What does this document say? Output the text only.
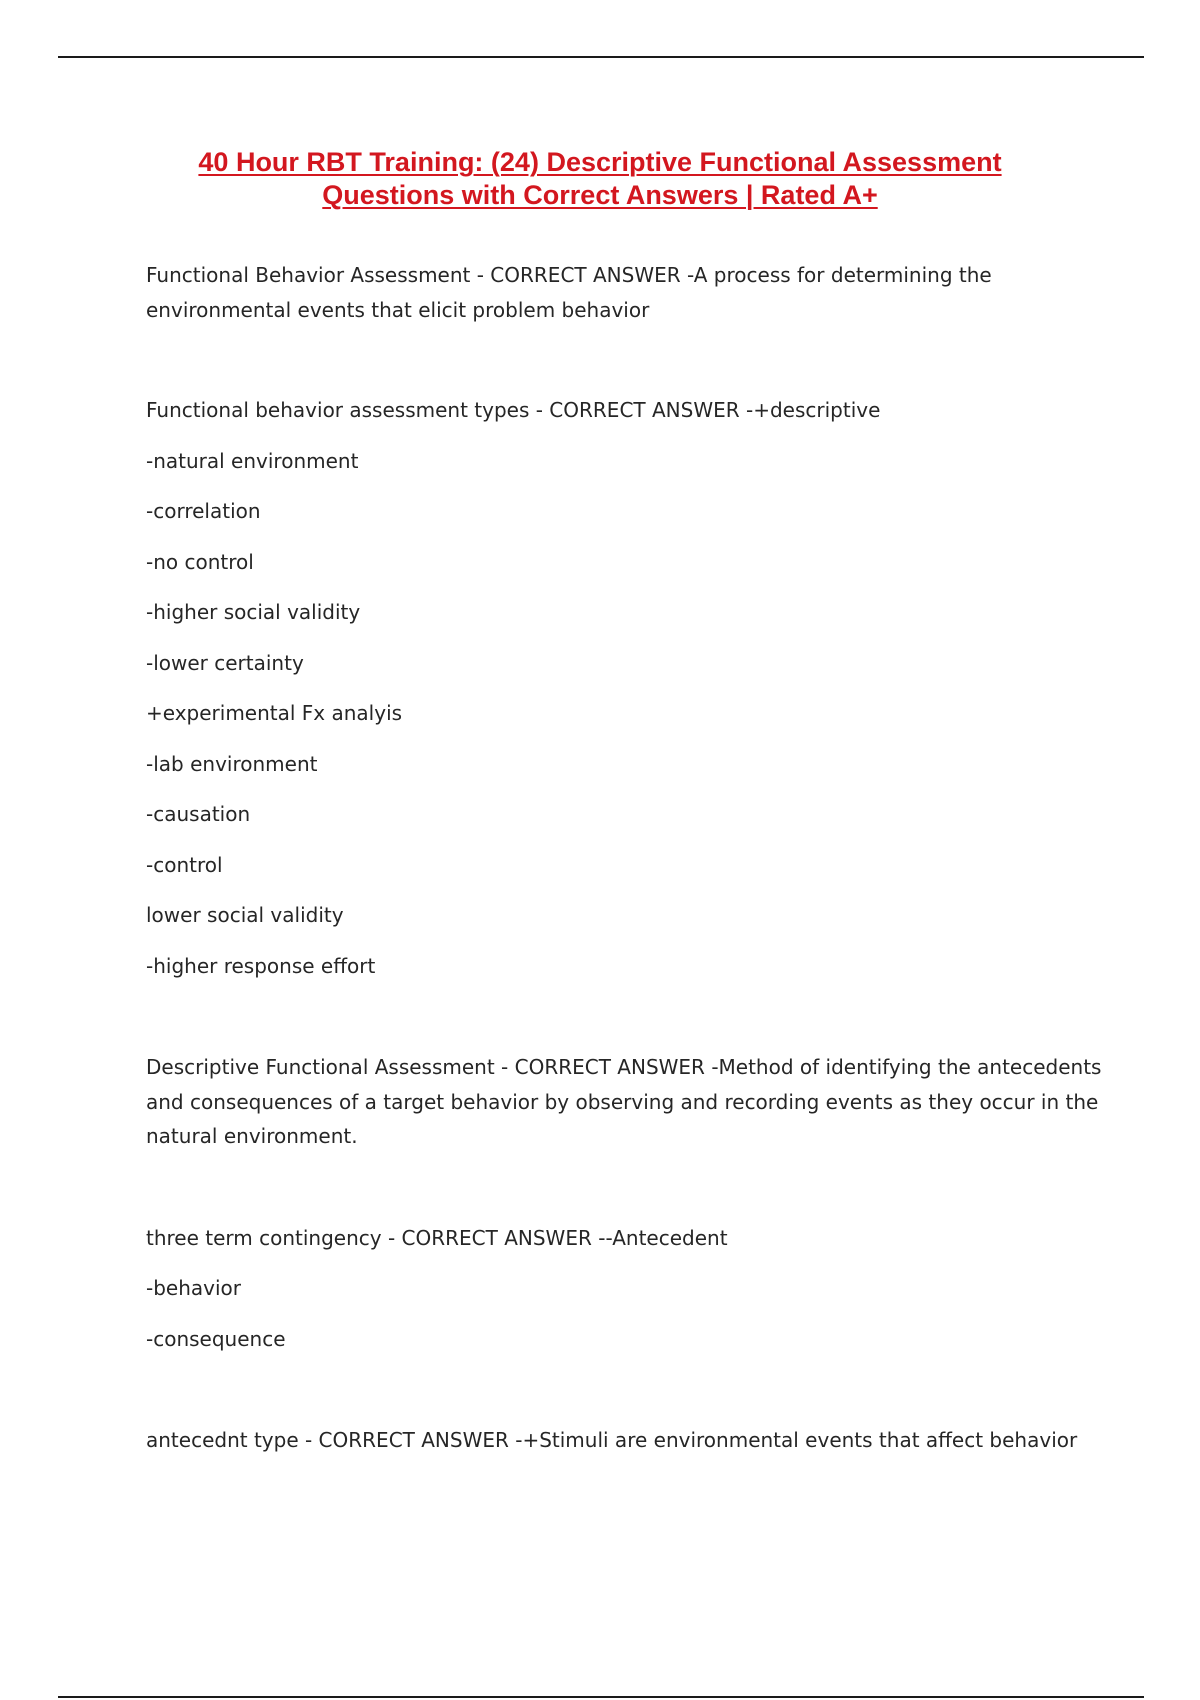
40 Hour RBT Training: (24) Descriptive Functional Assessment
Questions with Correct Answers | Rated A+

Functional Behavior Assessment - CORRECT ANSWER -A process for determining the

environmental events that elicit problem behavior

Functional behavior assessment types - CORRECT ANSWER -+descriptive

-natural environment

-correlation

-no control

-higher social validity

-lower certainty

+experimental Fx analyis

-lab environment

-causation

-control

lower social validity

-higher response effort

Descriptive Functional Assessment - CORRECT ANSWER -Method of identifying the antecedents

and consequences of a target behavior by observing and recording events as they occur in the

natural environment.

three term contingency - CORRECT ANSWER --Antecedent

-behavior

-consequence

antecednt type - CORRECT ANSWER -+Stimuli are environmental events that affect behavior
